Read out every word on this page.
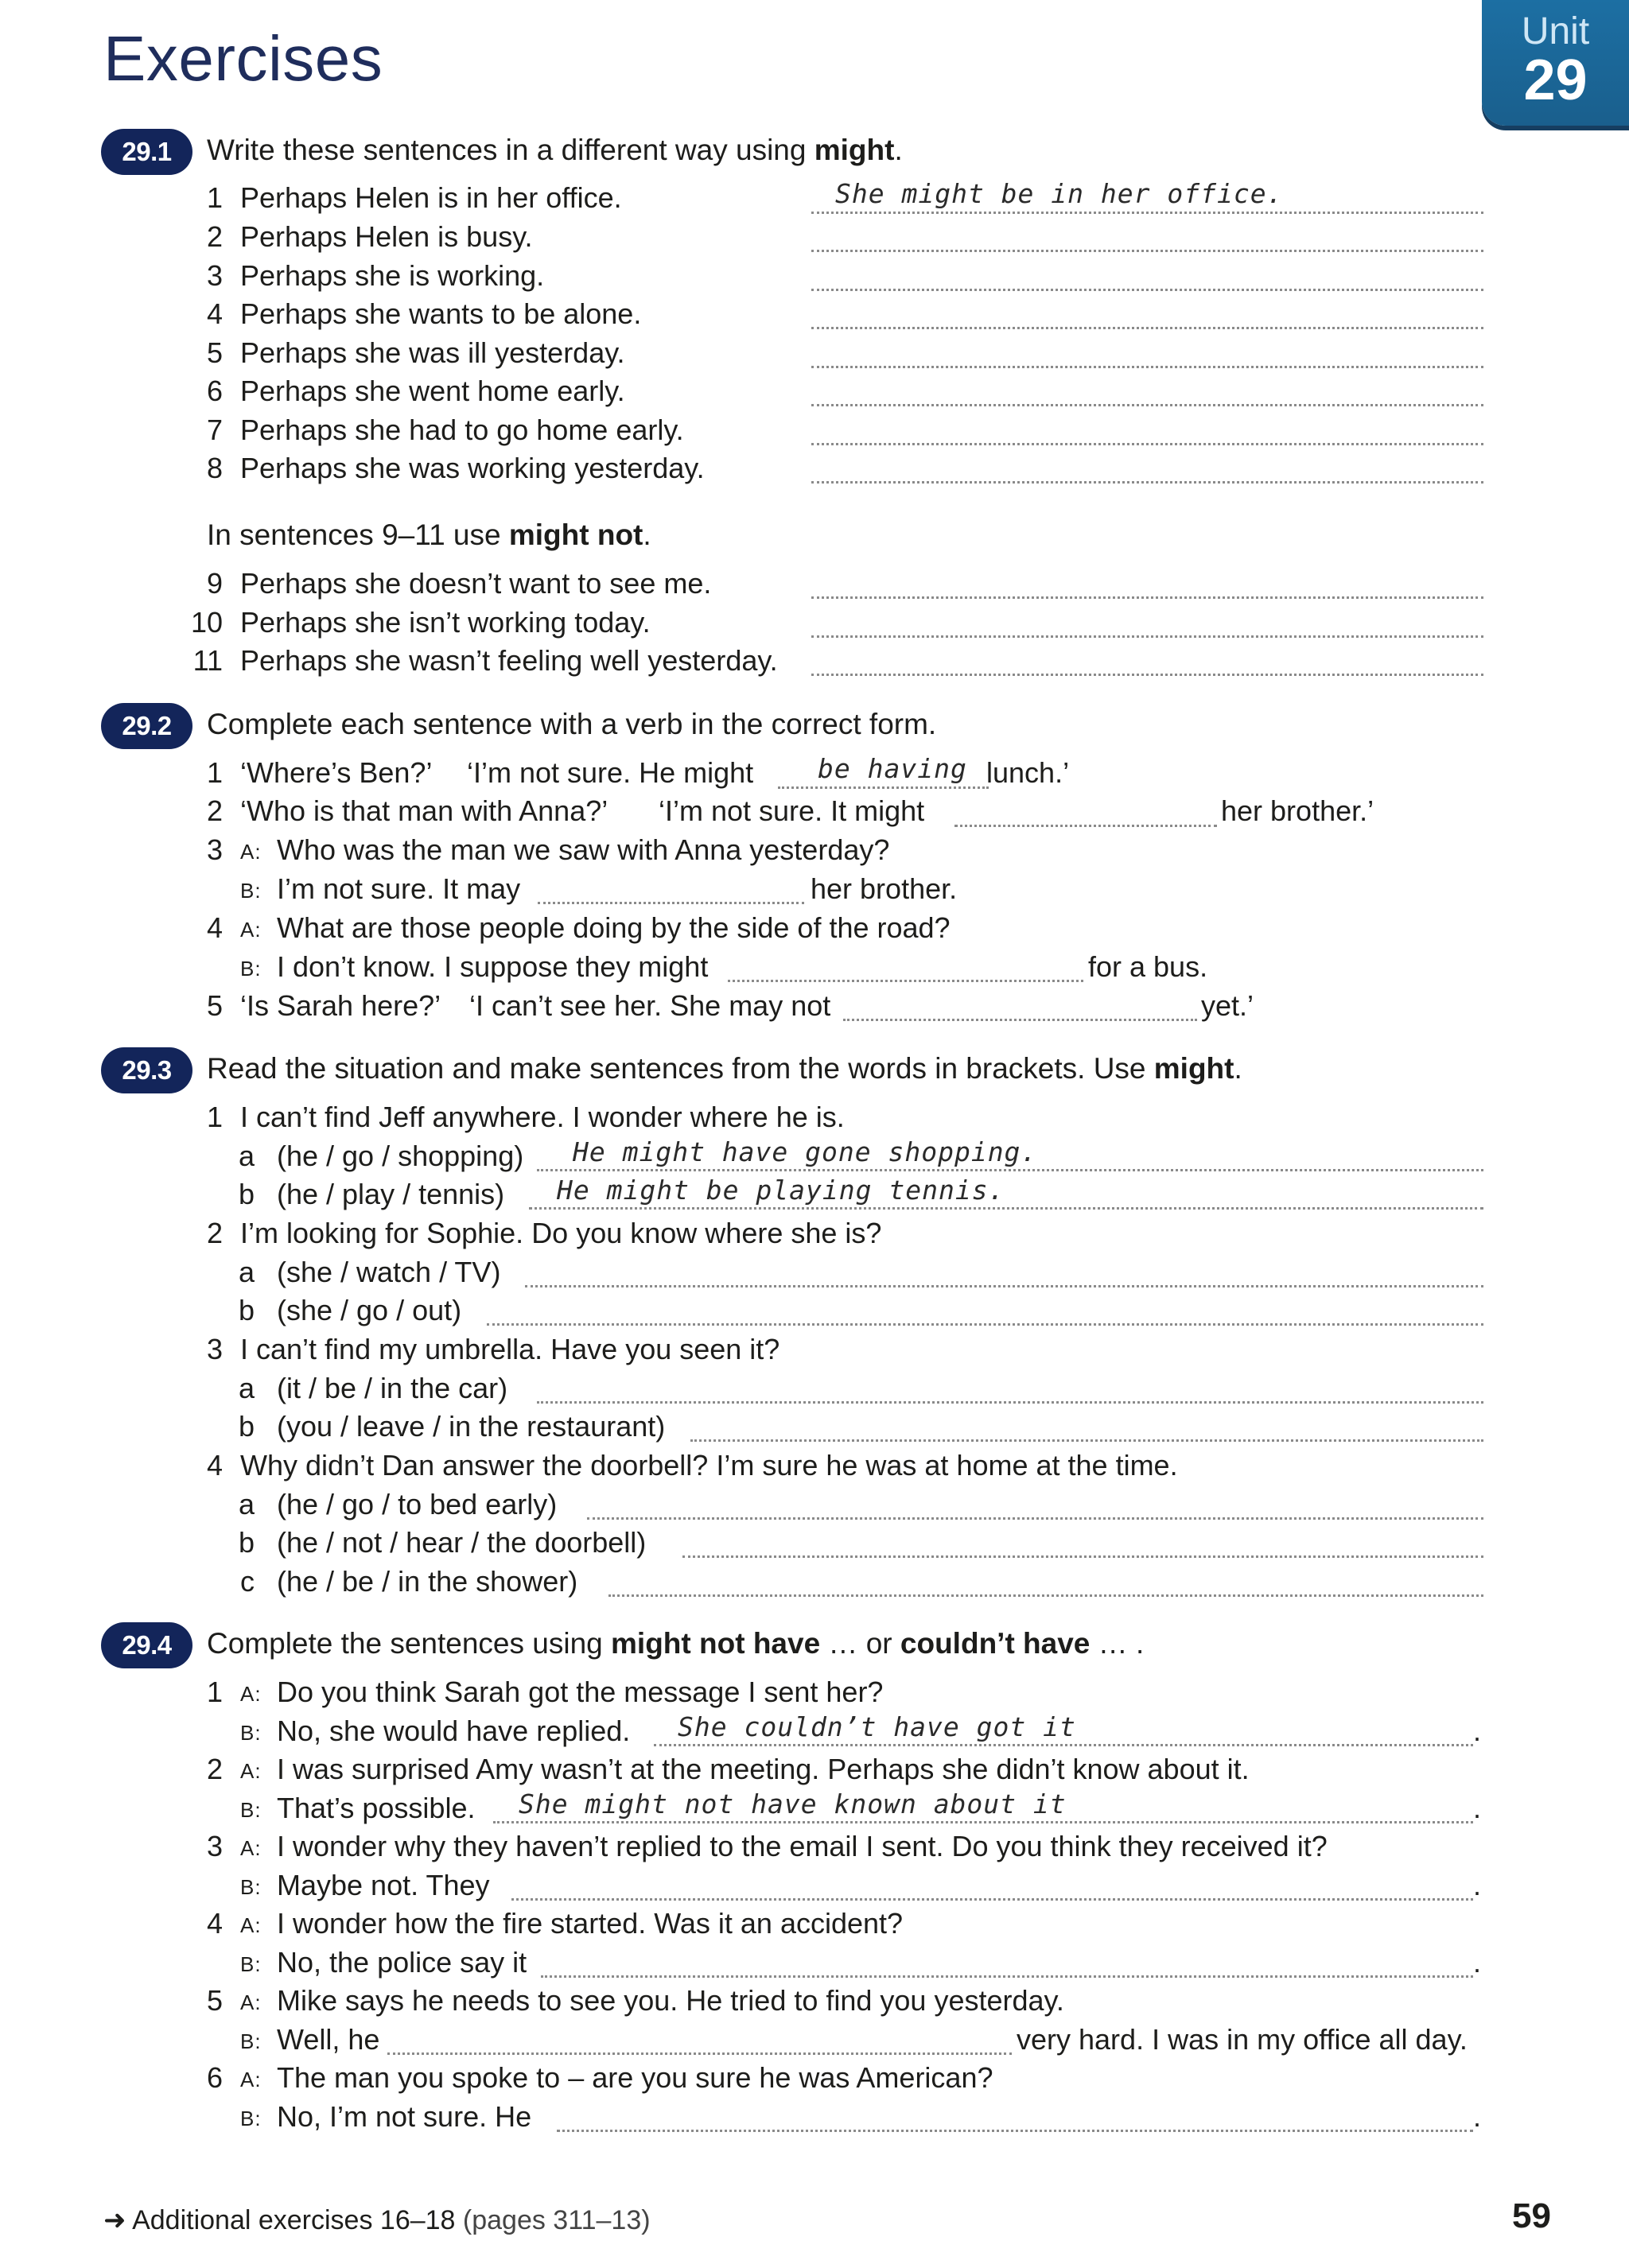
Exercises	Unit
29
29.1	Write these sentences in a different way using might.
1 Perhaps Helen is in her office.	She might be in her office.
2 Perhaps Helen is busy.
3 Perhaps she is working.
4 Perhaps she wants to be alone.
5 Perhaps she was ill yesterday.
6 Perhaps she went home early.
7 Perhaps she had to go home early.
8 Perhaps she was working yesterday.
In sentences 9–11 use might not.
9 Perhaps she doesn’t want to see me.
10 Perhaps she isn’t working today.
11 Perhaps she wasn’t feeling well yesterday.
29.2	Complete each sentence with a verb in the correct form.
1 ‘Where’s Ben?’ ‘I’m not sure. He might be having lunch.’
2 ‘Who is that man with Anna?’ ‘I’m not sure. It might	her brother.’
3 A: Who was the man we saw with Anna yesterday?
B: I’m not sure. It may	her brother.
4 A: What are those people doing by the side of the road?
B: I don’t know. I suppose they might	for a bus.
5 ‘Is Sarah here?’ ‘I can’t see her. She may not	yet.’
29.3	Read the situation and make sentences from the words in brackets. Use might.
1 I can’t find Jeff anywhere. I wonder where he is.
a (he / go / shopping) He might have gone shopping.
b (he / play / tennis) He might be playing tennis.
2 I’m looking for Sophie. Do you know where she is?
a (she / watch / TV)
b (she / go / out)
3 I can’t find my umbrella. Have you seen it?
a (it / be / in the car)
b (you / leave / in the restaurant)
4 Why didn’t Dan answer the doorbell? I’m sure he was at home at the time.
a (he / go / to bed early)
b (he / not / hear / the doorbell)
c (he / be / in the shower)
29.4	Complete the sentences using might not have … or couldn’t have … .
1 A: Do you think Sarah got the message I sent her?
B: No, she would have replied. She couldn’t have got it	.
2 A: I was surprised Amy wasn’t at the meeting. Perhaps she didn’t know about it.
B: That’s possible. She might not have known about it	.
3 A: I wonder why they haven’t replied to the email I sent. Do you think they received it?
B: Maybe not. They	.
4 A: I wonder how the fire started. Was it an accident?
B: No, the police say it	.
5 A: Mike says he needs to see you. He tried to find you yesterday.
B: Well, he	very hard. I was in my office all day.
6 A: The man you spoke to – are you sure he was American?
B: No, I’m not sure. He	.
➜ Additional exercises 16–18 (pages 311–13)	59
